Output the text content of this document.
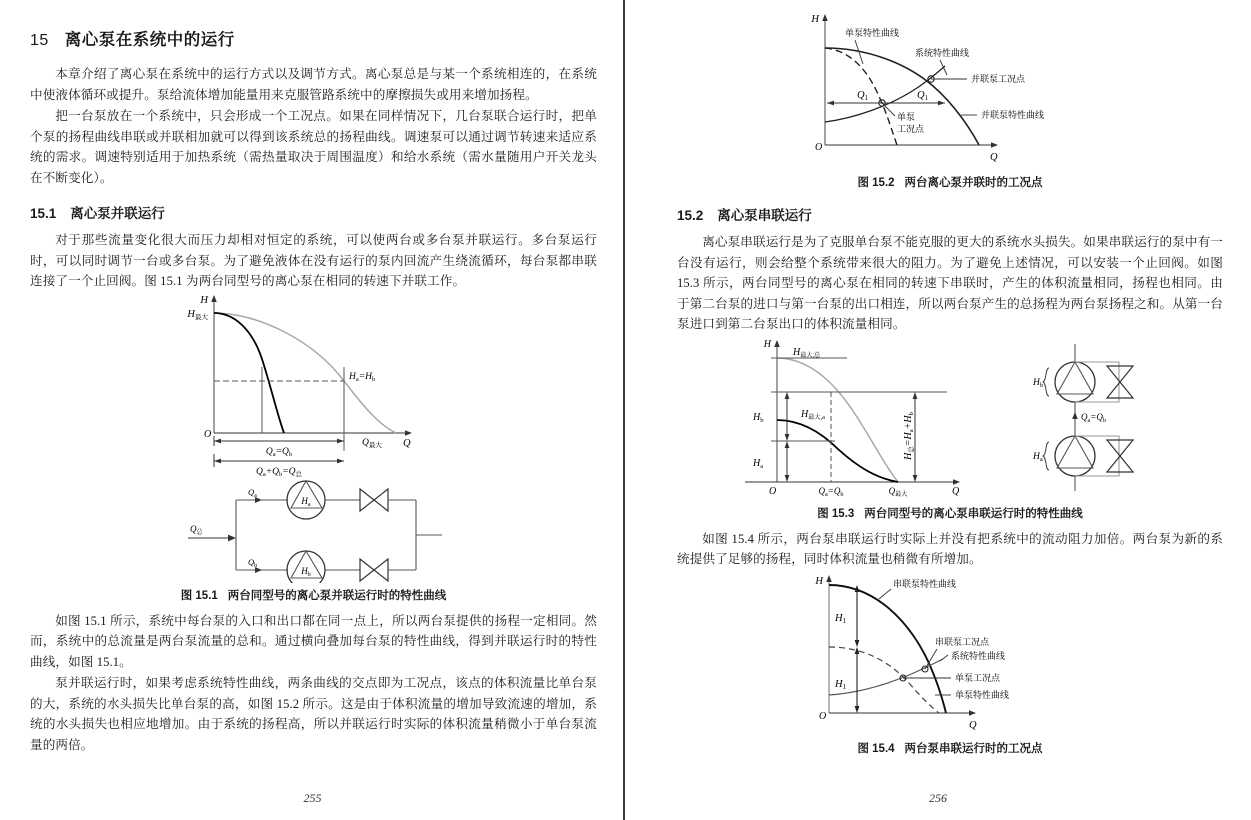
15 离心泵在系统中的运行

本章介绍了离心泵在系统中的运行方式以及调节方式。离心泵总是与某一个系统相连的，在系统中使液体循环或提升。泵给流体增加能量用来克服管路系统中的摩擦损失或用来增加扬程。

把一台泵放在一个系统中，只会形成一个工况点。如果在同样情况下，几台泵联合运行时，把单个泵的扬程曲线串联或并联相加就可以得到该系统总的扬程曲线。调速泵可以通过调节转速来适应系统的需求。调速特别适用于加热系统（需热量取决于周围温度）和给水系统（需水量随用户开关龙头在不断变化）。

15.1 离心泵并联运行

对于那些流量变化很大而压力却相对恒定的系统，可以使两台或多台泵并联运行。多台泵运行时，可以同时调节一台或多台泵。为了避免液体在没有运行的泵内回流产生绕流循环，每台泵都串联连接了一个止回阀。图 15.1 为两台同型号的离心泵在相同的转速下并联工作。

H
H最大
O
Q
$Q_{最大}$
$H_a=H_b$
$Q_a=Q_b$
$Q_a+Q_b=Q_总$
$Q_总$
$Q_a$	$H_a$
$Q_b$	$H_b$
图 15.1 两台同型号的离心泵并联运行时的特性曲线

如图 15.1 所示，系统中每台泵的入口和出口都在同一点上，所以两台泵提供的扬程一定相同。然而，系统中的总流量是两台泵流量的总和。通过横向叠加每台泵的特性曲线，得到并联运行时的特性曲线，如图 15.1。

泵并联运行时，如果考虑系统特性曲线，两条曲线的交点即为工况点，该点的体积流量比单台泵的大，系统的水头损失比单台泵的高，如图 15.2 所示。这是由于体积流量的增加导致流速的增加，系统的水头损失也相应地增加。由于系统的扬程高，所以并联运行时实际的体积流量稍微小于单台泵流量的两倍。

255
H
O
Q
单泵特性曲线
系统特性曲线
并联泵工况点
并联泵特性曲线
单泵
工况点
Q1	Q1
图 15.2 两台离心泵并联时的工况点
15.2 离心泵串联运行

离心泵串联运行是为了克服单台泵不能克服的更大的系统水头损失。如果串联运行的泵中有一台没有运行，则会给整个系统带来很大的阻力。为了避免上述情况，可以安装一个止回阀。如图 15.3 所示，两台同型号的离心泵在相同的转速下串联时，产生的体积流量相同，扬程也相同。由于第二台泵的进口与第一台泵的出口相连，所以两台泵产生的总扬程为两台泵扬程之和。从第一台泵进口到第二台泵出口的体积流量相同。

H
$H_{最大,总}$
$H_{最大,a}$
$H_b$
$H_a$
$H_总=H_a+H_b$
O	$Q_a=Q_b$	$Q_{最大}$	Q
$H_b$
$Q_a=Q_b$
$H_a$
图 15.3 两台同型号的离心泵串联运行时的特性曲线

如图 15.4 所示，两台泵串联运行时实际上并没有把系统中的流动阻力加倍。两台泵为新的系统提供了足够的扬程，同时体积流量也稍微有所增加。

H
O
Q
H1
H1
串联泵特性曲线
串联泵工况点
系统特性曲线
单泵工况点
单泵特性曲线
图 15.4 两台泵串联运行时的工况点
256
